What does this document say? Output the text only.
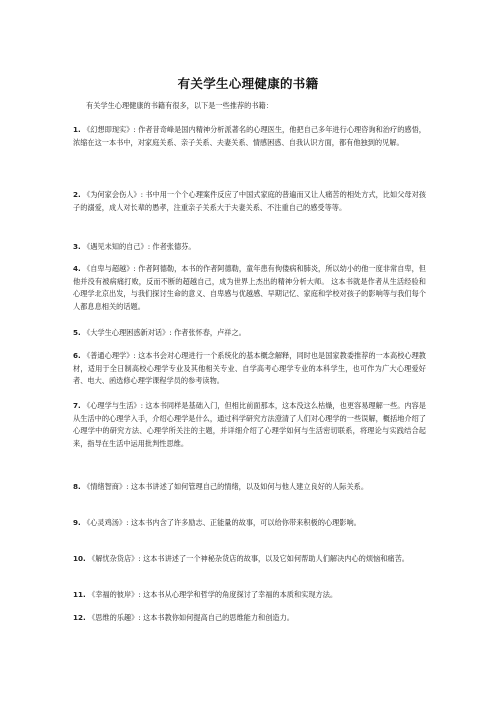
有关学生心理健康的书籍
有关学生心理健康的书籍有很多，以下是一些推荐的书籍：
1. 《幻想即现实》: 作者昔奇峰是国内精神分析派著名的心理医生，他把自己多年进行心理咨询和治疗的感悟，浓缩在这一本书中，对家庭关系、亲子关系、夫妻关系、情感困惑、自我认识方面，都有他独到的见解。
2. 《为何家会伤人》: 书中用一个个心理案件反应了中国式家庭的普遍而又让人痛苦的相处方式，比如父母对孩子的溺爱，成人对长辈的愚孝，注重亲子关系大于夫妻关系、不注重自己的感受等等。
3. 《遇见未知的自己》: 作者张德芬。
4. 《自卑与超越》: 作者阿德勒，本书的作者阿德勒，童年患有佝偻病和肺炎，所以幼小的他一度非常自卑，但他并没有被病痛打败，反而不断的超越自己，成为世界上杰出的精神分析大师。 这本书就是作者从生活经验和心理学北京出发，与我们探讨生命的意义、自卑感与优越感、早期记忆、家庭和学校对孩子的影响等与我们每个人都息息相关的话题。
5. 《大学生心理困惑新对话》: 作者张怀春，卢祥之。
6. 《普通心理学》: 这本书会对心理进行一个系统化的基本概念解释，同时也是国家教委推荐的一本高校心理教材，适用于全日制高校心理学专业及其他相关专业、自学高考心理学专业的本科学生，也可作为广大心理爱好者、电大、函选修心理学课程学员的参考读物。
7. 《心理学与生活》: 这本书同样是基础入门，但相比前面那本，这本没这么枯燥，也更容易理解一些。内容是从生活中的心理学入手，介绍心理学是什么，通过科学研究方法澄清了人们对心理学的一些误解，概括地介绍了心理学中的研究方法、心理学所关注的主题，并详细介绍了心理学如何与生活密切联系，将理论与实践结合起来，指导在生活中运用批判性思维。
8. 《情绪智商》: 这本书讲述了如何管理自己的情绪，以及如何与他人建立良好的人际关系。
9. 《心灵鸡汤》: 这本书内含了许多励志、正能量的故事，可以给你带来积极的心理影响。
10. 《解忧杂货店》: 这本书讲述了一个神秘杂货店的故事，以及它如何帮助人们解决内心的烦恼和痛苦。
11. 《幸福的彼岸》: 这本书从心理学和哲学的角度探讨了幸福的本质和实现方法。
12. 《思维的乐趣》: 这本书教你如何提高自己的思维能力和创造力。
